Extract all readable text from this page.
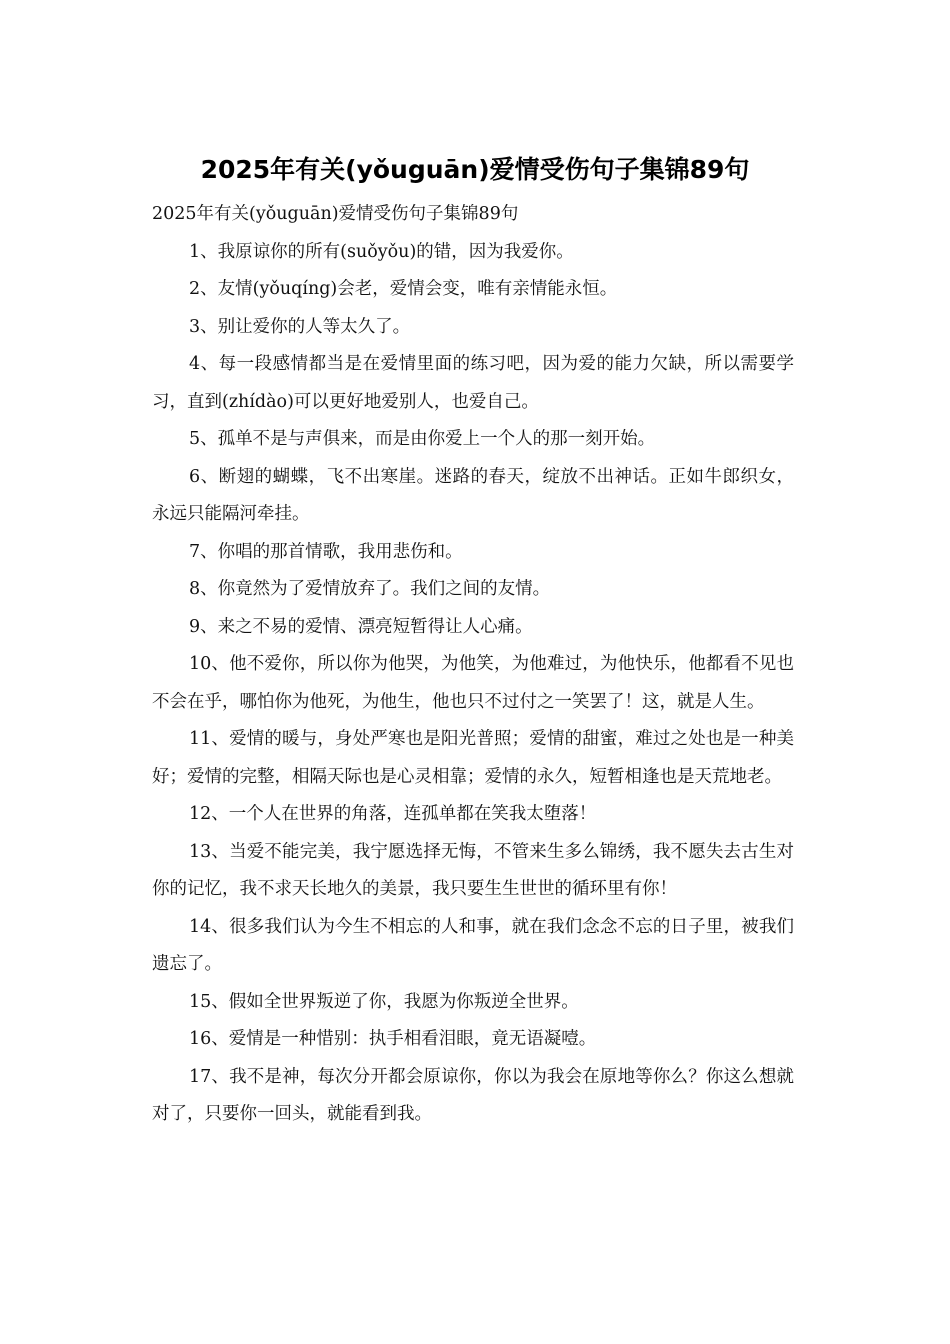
2025年有关(yǒuguān)爱情受伤句子集锦89句

2025年有关(yǒuguān)爱情受伤句子集锦89句

1、我原谅你的所有(suǒyǒu)的错，因为我爱你。

2、友情(yǒuqíng)会老，爱情会变，唯有亲情能永恒。

3、别让爱你的人等太久了。

4、每一段感情都当是在爱情里面的练习吧，因为爱的能力欠缺，所以需要学习，直到(zhídào)可以更好地爱别人，也爱自己。

5、孤单不是与声俱来，而是由你爱上一个人的那一刻开始。

6、断翅的蝴蝶，飞不出寒崖。迷路的春天，绽放不出神话。正如牛郎织女，永远只能隔河牵挂。

7、你唱的那首情歌，我用悲伤和。

8、你竟然为了爱情放弃了。我们之间的友情。

9、来之不易的爱情、漂亮短暂得让人心痛。

10、他不爱你，所以你为他哭，为他笑，为他难过，为他快乐，他都看不见也不会在乎，哪怕你为他死，为他生，他也只不过付之一笑罢了！这，就是人生。

11、爱情的暖与，身处严寒也是阳光普照；爱情的甜蜜，难过之处也是一种美好；爱情的完整，相隔天际也是心灵相靠；爱情的永久，短暂相逢也是天荒地老。

12、一个人在世界的角落，连孤单都在笑我太堕落！

13、当爱不能完美，我宁愿选择无悔，不管来生多么锦绣，我不愿失去古生对你的记忆，我不求天长地久的美景，我只要生生世世的循环里有你！

14、很多我们认为今生不相忘的人和事，就在我们念念不忘的日子里，被我们遗忘了。

15、假如全世界叛逆了你，我愿为你叛逆全世界。

16、爱情是一种惜别：执手相看泪眼，竟无语凝噎。

17、我不是神，每次分开都会原谅你，你以为我会在原地等你么？你这么想就对了，只要你一回头，就能看到我。
